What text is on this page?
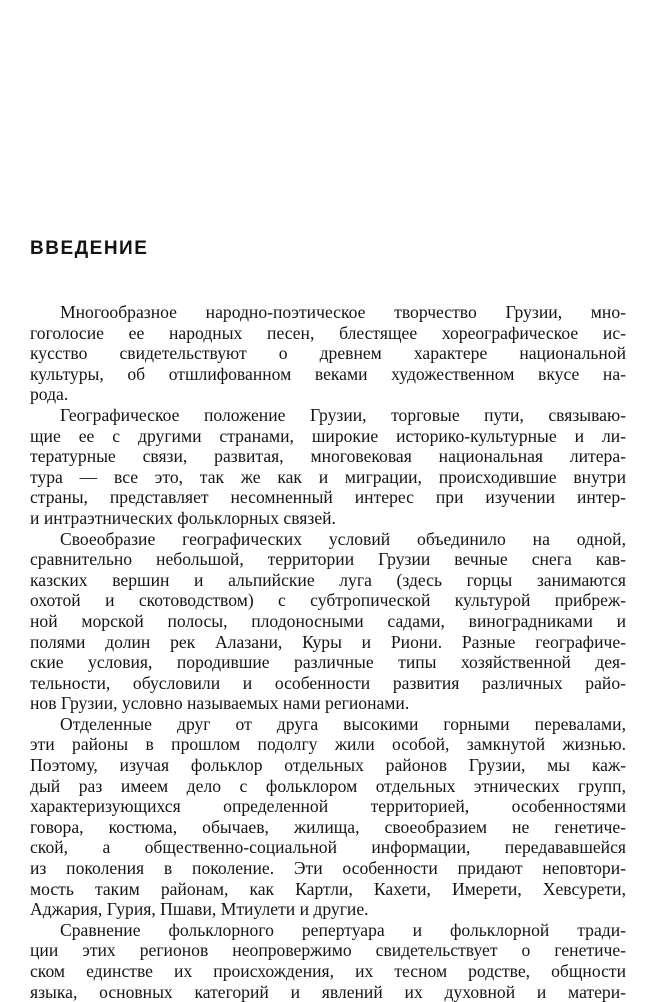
ВВЕДЕНИЕ
Многообразное народно-поэтическое творчество Грузии, мно-
гоголосие ее народных песен, блестящее хореографическое ис-
кусство свидетельствуют о древнем характере национальной
культуры, об отшлифованном веками художественном вкусе на-
рода.
Географическое положение Грузии, торговые пути, связываю-
щие ее с другими странами, широкие историко-культурные и ли-
тературные связи, развитая, многовековая национальная литера-
тура — все это, так же как и миграции, происходившие внутри
страны, представляет несомненный интерес при изучении интер-
и интраэтнических фольклорных связей.
Своеобразие географических условий объединило на одной,
сравнительно небольшой, территории Грузии вечные снега кав-
казских вершин и альпийские луга (здесь горцы занимаются
охотой и скотоводством) с субтропической культурой прибреж-
ной морской полосы, плодоносными садами, виноградниками и
полями долин рек Алазани, Куры и Риони. Разные географиче-
ские условия, породившие различные типы хозяйственной дея-
тельности, обусловили и особенности развития различных райо-
нов Грузии, условно называемых нами регионами.
Отделенные друг от друга высокими горными перевалами,
эти районы в прошлом подолгу жили особой, замкнутой жизнью.
Поэтому, изучая фольклор отдельных районов Грузии, мы каж-
дый раз имеем дело с фольклором отдельных этнических групп,
характеризующихся определенной территорией, особенностями
говора, костюма, обычаев, жилища, своеобразием не генетиче-
ской, а общественно-социальной информации, передававшейся
из поколения в поколение. Эти особенности придают неповтори-
мость таким районам, как Картли, Кахети, Имерети, Хевсурети,
Аджария, Гурия, Пшави, Мтиулети и другие.
Сравнение фольклорного репертуара и фольклорной тради-
ции этих регионов неопровержимо свидетельствует о генетиче-
ском единстве их происхождения, их тесном родстве, общности
языка, основных категорий и явлений их духовной и матери-
